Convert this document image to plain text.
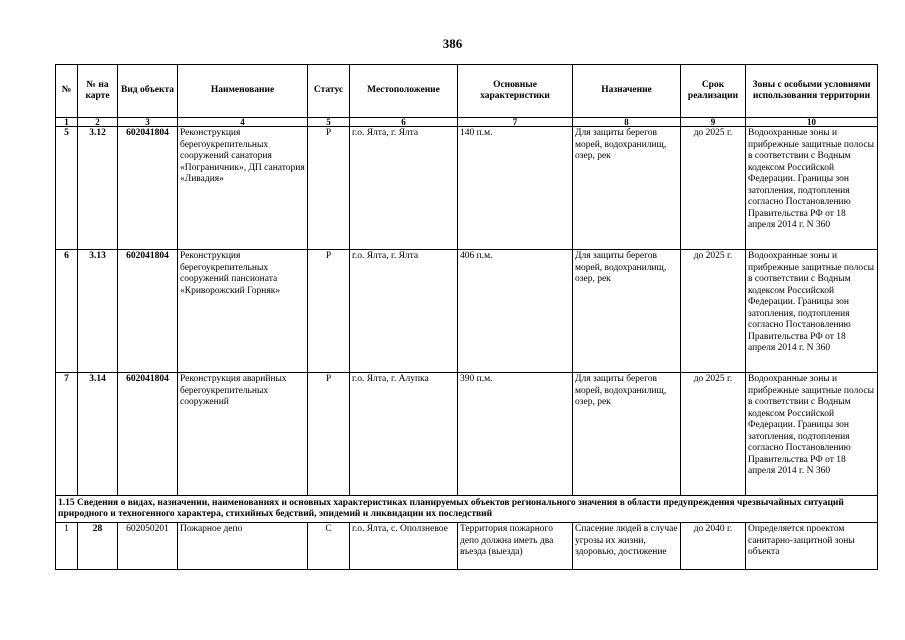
386
№	№ на карте	Вид объекта	Наименование	Статус	Местоположение	Основные характеристики	Назначение	Срок реализации	Зоны с особыми условиями использования территории
1	2	3	4	5	6	7	8	9	10
5	3.12	602041804	Реконструкция берегоукрепительных сооружений санатория «Пограничник», ДП санатория «Ливадия»	Р	г.о. Ялта, г. Ялта	140 п.м.	Для защиты берегов морей, водохранилищ, озер, рек	до 2025 г.	Водоохранные зоны и прибрежные защитные полосы в соответствии с Водным кодексом Российской Федерации. Границы зон затопления, подтопления согласно Постановлению Правительства РФ от 18 апреля 2014 г. N 360
6	3.13	602041804	Реконструкция берегоукрепительных сооружений пансионата «Криворожский Горняк»	Р	г.о. Ялта, г. Ялта	406 п.м.	Для защиты берегов морей, водохранилищ, озер, рек	до 2025 г.	Водоохранные зоны и прибрежные защитные полосы в соответствии с Водным кодексом Российской Федерации. Границы зон затопления, подтопления согласно Постановлению Правительства РФ от 18 апреля 2014 г. N 360
7	3.14	602041804	Реконструкция аварийных берегоукрепительных сооружений	Р	г.о. Ялта, г. Алупка	390 п.м.	Для защиты берегов морей, водохранилищ, озер, рек	до 2025 г.	Водоохранные зоны и прибрежные защитные полосы в соответствии с Водным кодексом Российской Федерации. Границы зон затопления, подтопления согласно Постановлению Правительства РФ от 18 апреля 2014 г. N 360
1.15 Сведения о видах, назначении, наименованиях и основных характеристиках планируемых объектов регионального значения в области предупреждения чрезвычайных ситуаций природного и техногенного характера, стихийных бедствий, эпидемий и ликвидации их последствий									
1	28	602050201	Пожарное депо	С	г.о. Ялта, с. Оползневое	Территория пожарного депо должна иметь два въезда (выезда)	Спасение людей в случае угрозы их жизни, здоровью, достижение	до 2040 г.	Определяется проектом санитарно-защитной зоны объекта
